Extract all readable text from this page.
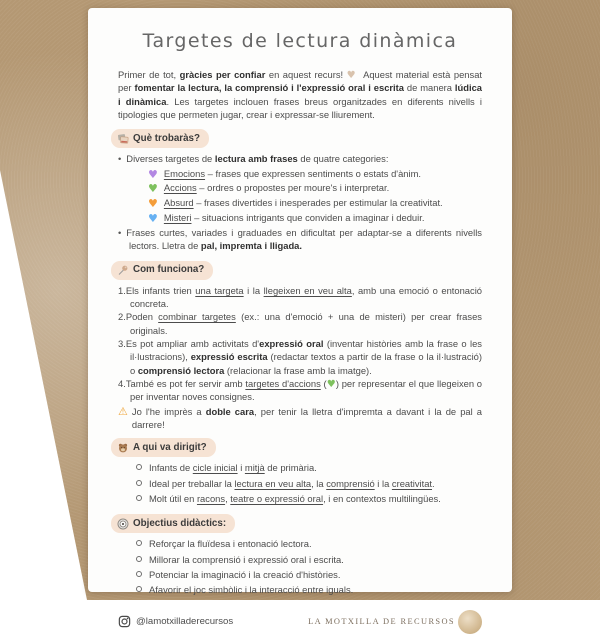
Targetes de lectura dinàmica

Primer de tot, gràcies per confiar en aquest recurs! ♥  Aquest material està pensat per fomentar la lectura, la comprensió i l'expressió oral i escrita de manera lúdica i dinàmica. Les targetes inclouen frases breus organitzades en diferents nivells i tipologies que permeten jugar, crear i expressar-se lliurement.

Què trobaràs?

• Diverses targetes de lectura amb frases de quatre categories:

♥ Emocions – frases que expressen sentiments o estats d'ànim.
♥ Accions – ordres o propostes per moure's i interpretar.
♥ Absurd – frases divertides i inesperades per estimular la creativitat.
♥ Misteri – situacions intrigants que conviden a imaginar i deduir.

• Frases curtes, variades i graduades en dificultat per adaptar-se a diferents nivells lectors. Lletra de pal, impremta i lligada.

Com funciona?

1.Els infants trien una targeta i la llegeixen en veu alta, amb una emoció o entonació concreta.

2.Poden combinar targetes (ex.: una d'emoció + una de misteri) per crear frases originals.

3.Es pot ampliar amb activitats d'expressió oral (inventar històries amb la frase o les il·lustracions), expressió escrita (redactar textos a partir de la frase o la il·lustració) o comprensió lectora (relacionar la frase amb la imatge).

4.També es pot fer servir amb targetes d'accions (♥) per representar el que llegeixen o per inventar noves consignes.

⚠ Jo l'he imprès a doble cara, per tenir la lletra d'impremta a davant i la de pal a darrere!

A qui va dirigit?
Infants de cicle inicial i mitjà de primària.
Ideal per treballar la lectura en veu alta, la comprensió i la creativitat.
Molt útil en racons, teatre o expressió oral, i en contextos multilingües.
Objectius didàctics:
Reforçar la fluïdesa i entonació lectora.
Millorar la comprensió i expressió oral i escrita.
Potenciar la imaginació i la creació d'històries.
Afavorir el joc simbòlic i la interacció entre iguals.
@lamotxilladerecursos	LA MOTXILLA DE RECURSOS
